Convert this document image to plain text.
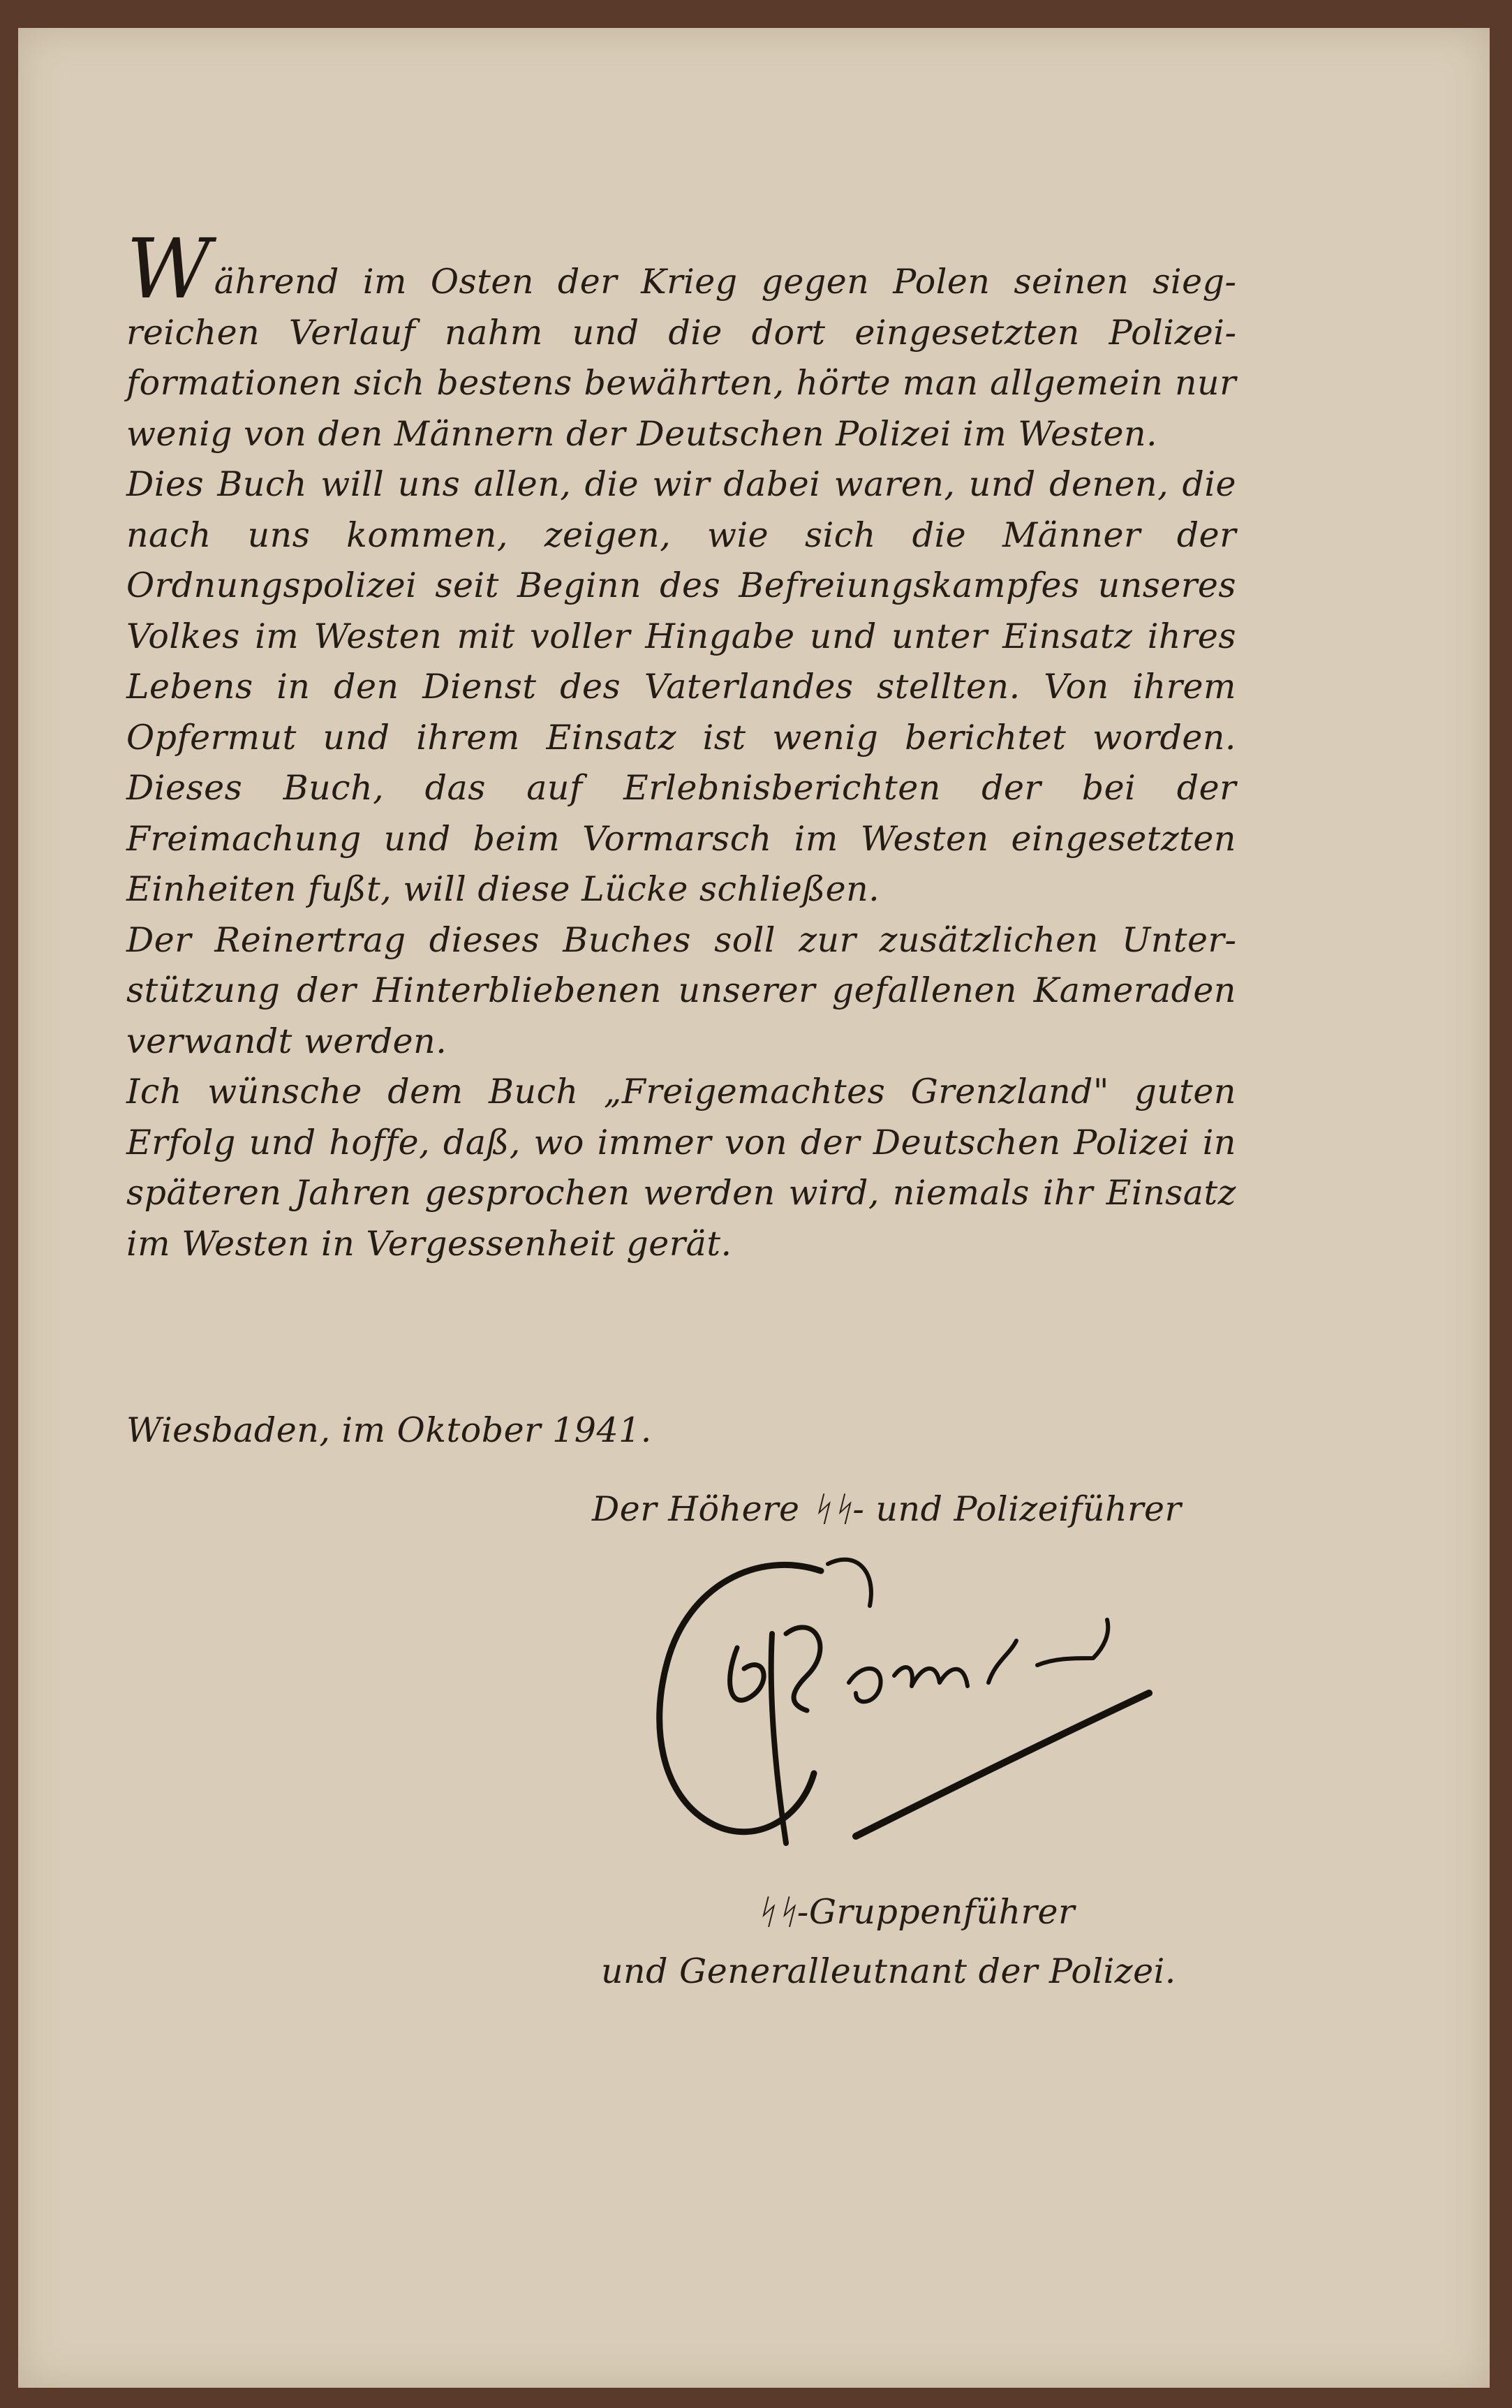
Während im Osten der Krieg gegen Polen seinen siegreichen Verlauf nahm und die dort eingesetzten Polizeiformationen sich bestens bewährten, hörte man allgemein nur wenig von den Männern der Deutschen Polizei im Westen.

Dies Buch will uns allen, die wir dabei waren, und denen, die nach uns kommen, zeigen, wie sich die Männer der Ordnungspolizei seit Beginn des Befreiungskampfes unseres Volkes im Westen mit voller Hingabe und unter Einsatz ihres Lebens in den Dienst des Vaterlandes stellten. Von ihrem Opfermut und ihrem Einsatz ist wenig berichtet worden. Dieses Buch, das auf Erlebnisberichten der bei der Freimachung und beim Vormarsch im Westen eingesetzten Einheiten fußt, will diese Lücke schließen.

Der Reinertrag dieses Buches soll zur zusätzlichen Unterstützung der Hinterbliebenen unserer gefallenen Kameraden verwandt werden.

Ich wünsche dem Buch „Freigemachtes Grenzland" guten Erfolg und hoffe, daß, wo immer von der Deutschen Polizei in späteren Jahren gesprochen werden wird, niemals ihr Einsatz im Westen in Vergessenheit gerät.

Wiesbaden, im Oktober 1941.
Der Höhere ᛋᛋ- und Polizeiführer
ᛋᛋ-Gruppenführer
und Generalleutnant der Polizei.
